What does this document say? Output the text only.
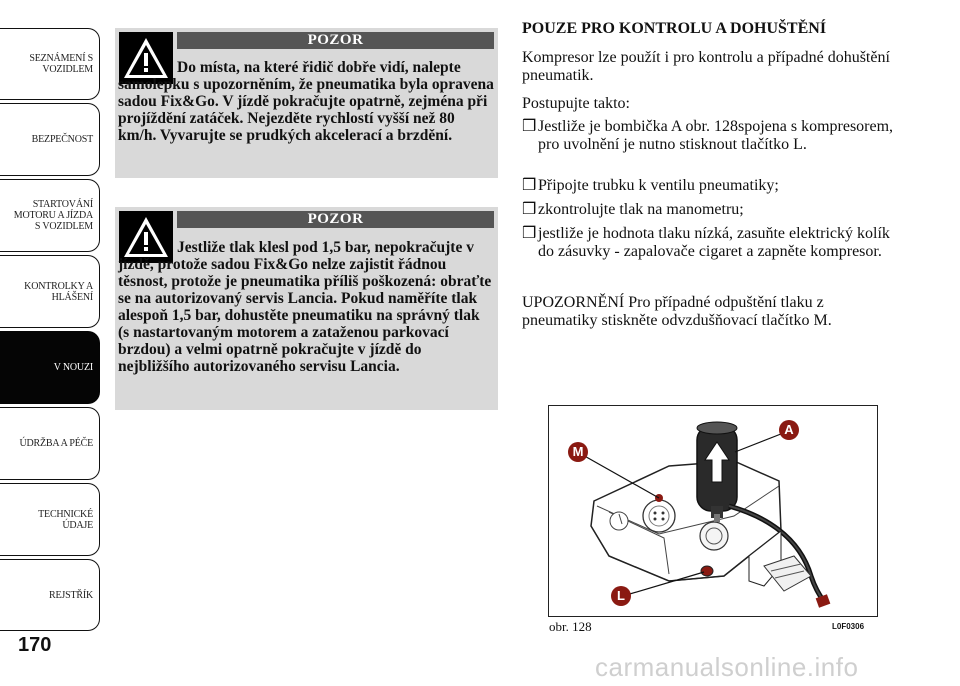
SEZNÁMENÍ S
VOZIDLEM
BEZPEČNOST
STARTOVÁNÍ
MOTORU A JÍZDA
S VOZIDLEM
KONTROLKY A
HLÁŠENÍ
V NOUZI
ÚDRŽBA A PÉČE
TECHNICKÉ
ÚDAJE
REJSTŘÍK
170
POZOR
Do místa, na které řidič dobře vidí, nalepte samolepku s upozorněním, že pneumatika byla opravena sadou Fix&Go. V jízdě pokračujte opatrně, zejména při projíždění zatáček. Nejezděte rychlostí vyšší než 80 km/h. Vyvarujte se prudkých akcelerací a brzdění.
POZOR
Jestliže tlak klesl pod 1,5 bar, nepokračujte v jízdě, protože sadou Fix&Go nelze zajistit řádnou těsnost, protože je pneumatika příliš poškozená: obraťte se na autorizovaný servis Lancia. Pokud naměříte tlak alespoň 1,5 bar, dohustěte pneumatiku na správný tlak (s nastartovaným motorem a zataženou parkovací brzdou) a velmi opatrně pokračujte v jízdě do nejbližšího autorizovaného servisu Lancia.
POUZE PRO KONTROLU A DOHUŠTĚNÍ
Kompresor lze použít i pro kontrolu a případné dohuštění pneumatik.
Postupujte takto:
❒ Jestliže je bombička A obr. 128spojena s kompresorem, pro uvolnění je nutno stisknout tlačítko L.
❒ Připojte trubku k ventilu pneumatiky;
❒ zkontrolujte tlak na manometru;
❒ jestliže je hodnota tlaku nízká, zasuňte elektrický kolík do zásuvky - zapalovače cigaret a zapněte kompresor.
UPOZORNĚNÍ Pro případné odpuštění tlaku z pneumatiky stiskněte odvzdušňovací tlačítko M.
M
A
L
obr. 128	L0F0306
carmanualsonline.info
